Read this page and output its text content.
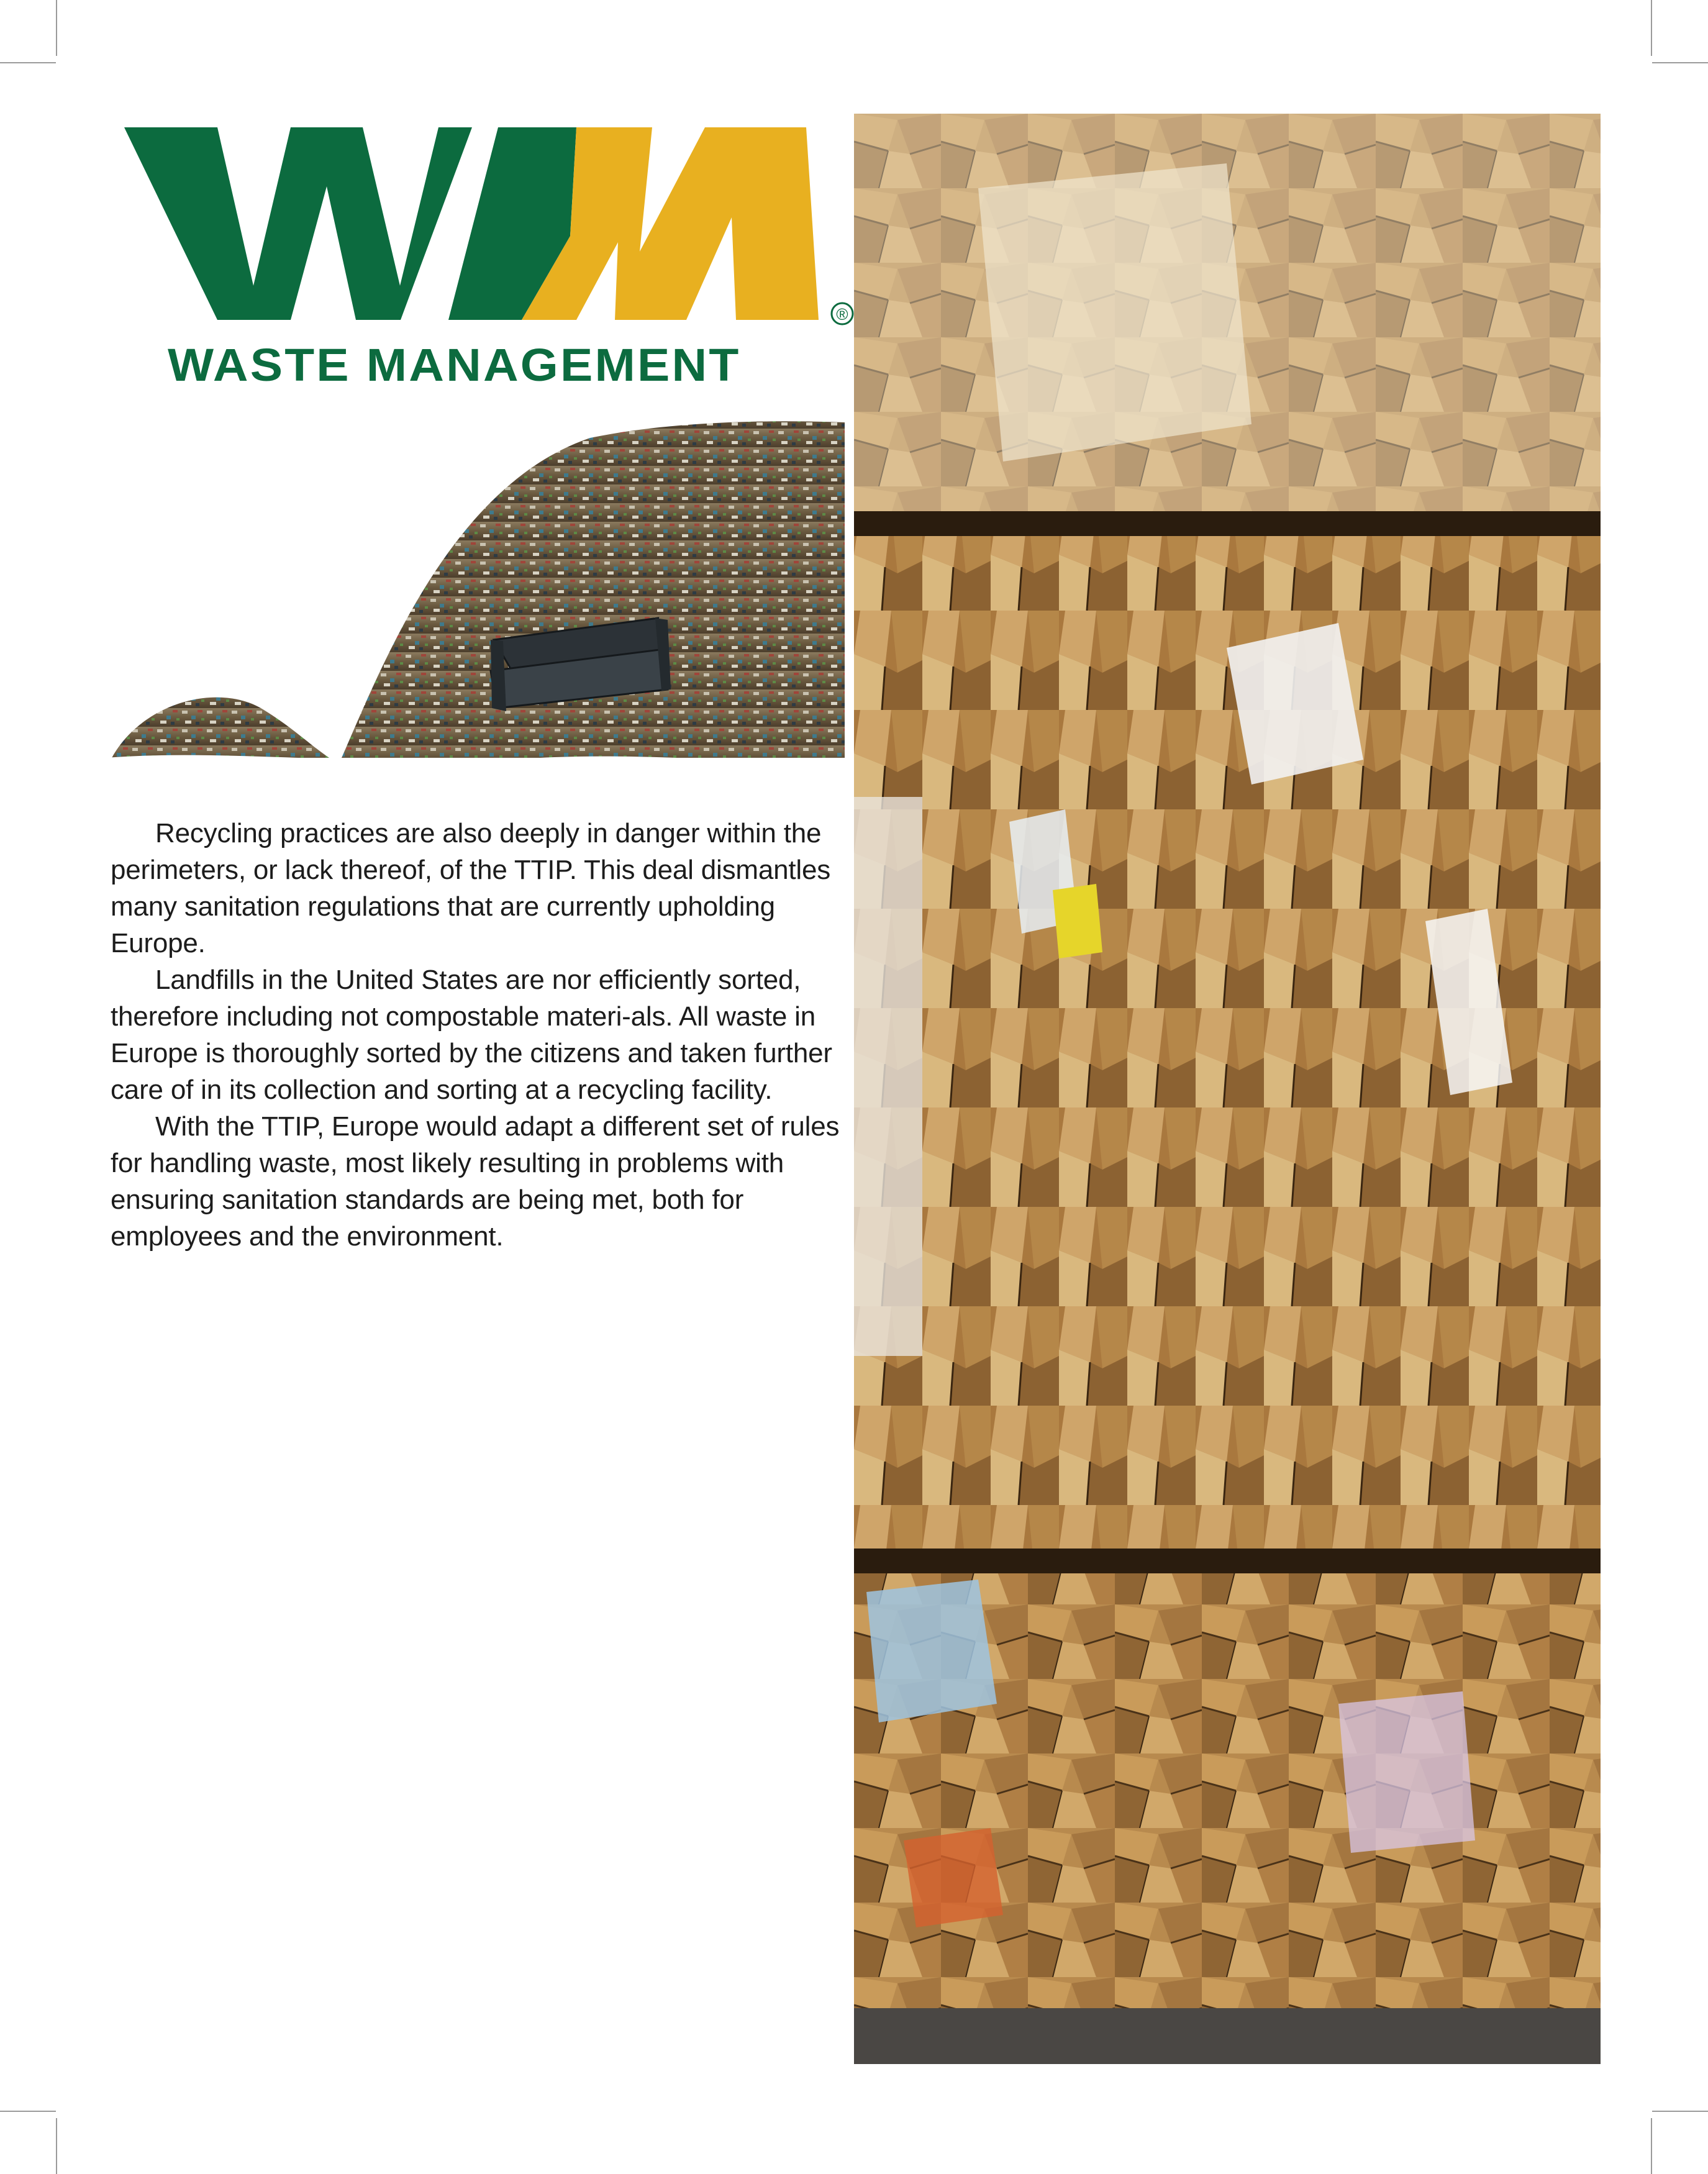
®
WASTE MANAGEMENT

Recycling practices are also deeply in danger within the perimeters, or lack thereof, of the TTIP. This deal dismantles many sanitation regulations that are currently upholding Europe.

Landfills in the United States are nor efficiently sorted, therefore including not compostable materi-als. All waste in Europe is thoroughly sorted by the citizens and taken further care of in its collection and sorting at a recycling facility.

With the TTIP, Europe would adapt a different set of rules for handling waste, most likely resulting in problems with ensuring sanitation standards are being met, both for employees and the environment.
